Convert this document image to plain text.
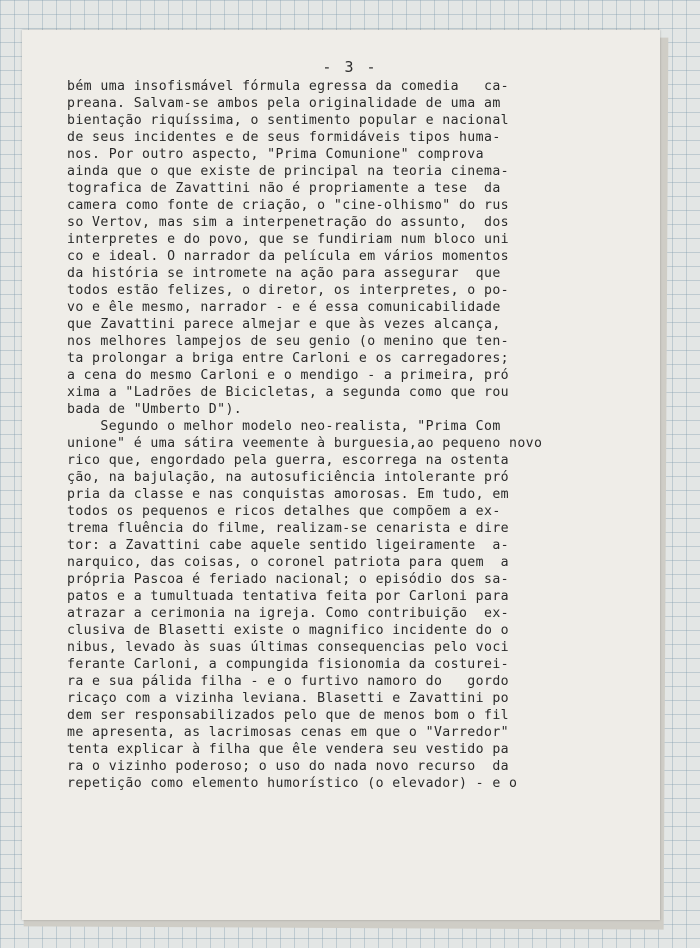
- 3 -
bém uma insofismável fórmula egressa da comedia   ca-
preana. Salvam-se ambos pela originalidade de uma am
bientação riquíssima, o sentimento popular e nacional
de seus incidentes e de seus formidáveis tipos huma-
nos. Por outro aspecto, "Prima Comunione" comprova
ainda que o que existe de principal na teoria cinema-
tografica de Zavattini não é propriamente a tese  da
camera como fonte de criação, o "cine-olhismo" do rus
so Vertov, mas sim a interpenetração do assunto,  dos
interpretes e do povo, que se fundiriam num bloco uni
co e ideal. O narrador da película em vários momentos
da história se intromete na ação para assegurar  que
todos estão felizes, o diretor, os interpretes, o po-
vo e êle mesmo, narrador - e é essa comunicabilidade
que Zavattini parece almejar e que às vezes alcança,
nos melhores lampejos de seu genio (o menino que ten-
ta prolongar a briga entre Carloni e os carregadores;
a cena do mesmo Carloni e o mendigo - a primeira, pró
xima a "Ladrões de Bicicletas, a segunda como que rou
bada de "Umberto D").
Segundo o melhor modelo neo-realista, "Prima Com
unione" é uma sátira veemente à burguesia,ao pequeno novo
rico que, engordado pela guerra, escorrega na ostenta
ção, na bajulação, na autosuficiência intolerante pró
pria da classe e nas conquistas amorosas. Em tudo, em
todos os pequenos e ricos detalhes que compõem a ex-
trema fluência do filme, realizam-se cenarista e dire
tor: a Zavattini cabe aquele sentido ligeiramente  a-
narquico, das coisas, o coronel patriota para quem  a
própria Pascoa é feriado nacional; o episódio dos sa-
patos e a tumultuada tentativa feita por Carloni para
atrazar a cerimonia na igreja. Como contribuição  ex-
clusiva de Blasetti existe o magnifico incidente do o
nibus, levado às suas últimas consequencias pelo voci
ferante Carloni, a compungida fisionomia da costurei-
ra e sua pálida filha - e o furtivo namoro do   gordo
ricaço com a vizinha leviana. Blasetti e Zavattini po
dem ser responsabilizados pelo que de menos bom o fil
me apresenta, as lacrimosas cenas em que o "Varredor"
tenta explicar à filha que êle vendera seu vestido pa
ra o vizinho poderoso; o uso do nada novo recurso  da
repetição como elemento humorístico (o elevador) - e o
